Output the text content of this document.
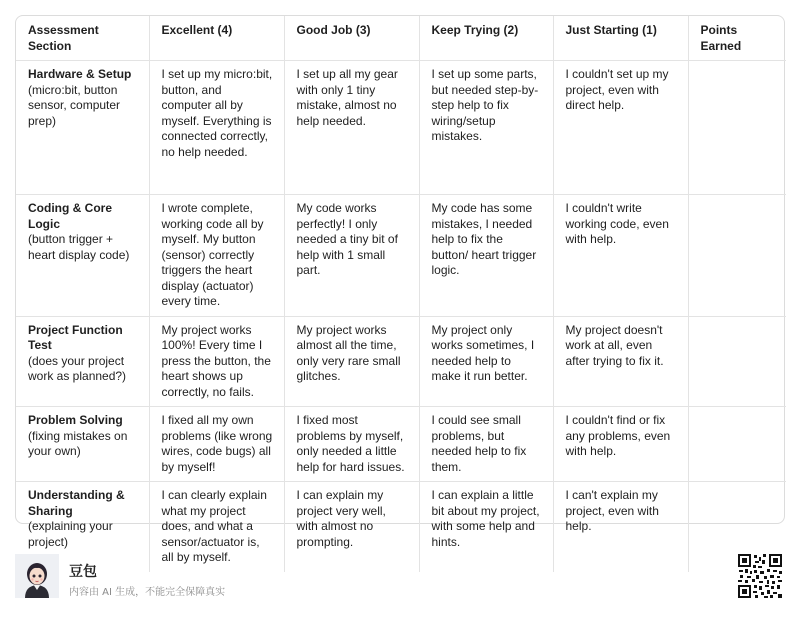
Assessment Section	Excellent (4)	Good Job (3)	Keep Trying (2)	Just Starting (1)	Points Earned

Hardware & Setup
(micro:bit, button sensor, computer prep)	I set up my micro:bit, button, and computer all by myself. Everything is connected correctly, no help needed.	I set up all my gear with only 1 tiny mistake, almost no help needed.	I set up some parts, but needed step-by-step help to fix wiring/setup mistakes.	I couldn't set up my project, even with direct help.	

Coding & Core Logic
(button trigger + heart display code)	I wrote complete, working code all by myself. My button (sensor) correctly triggers the heart display (actuator) every time.	My code works perfectly! I only needed a tiny bit of help with 1 small part.	My code has some mistakes, I needed help to fix the button/ heart trigger logic.	I couldn't write working code, even with help.	

Project Function Test
(does your project work as planned?)	My project works 100%! Every time I press the button, the heart shows up correctly, no fails.	My project works almost all the time, only very rare small glitches.	My project only works sometimes, I needed help to make it run better.	My project doesn't work at all, even after trying to fix it.	

Problem Solving
(fixing mistakes on your own)	I fixed all my own problems (like wrong wires, code bugs) all by myself!	I fixed most problems by myself, only needed a little help for hard issues.	I could see small problems, but needed help to fix them.	I couldn't find or fix any problems, even with help.	

Understanding & Sharing
(explaining your project)	I can clearly explain what my project does, and what a sensor/actuator is, all by myself.	I can explain my project very well, with almost no prompting.	I can explain a little bit about my project, with some help and hints.	I can't explain my project, even with help.	
豆包
内容由 AI 生成，不能完全保障真实
